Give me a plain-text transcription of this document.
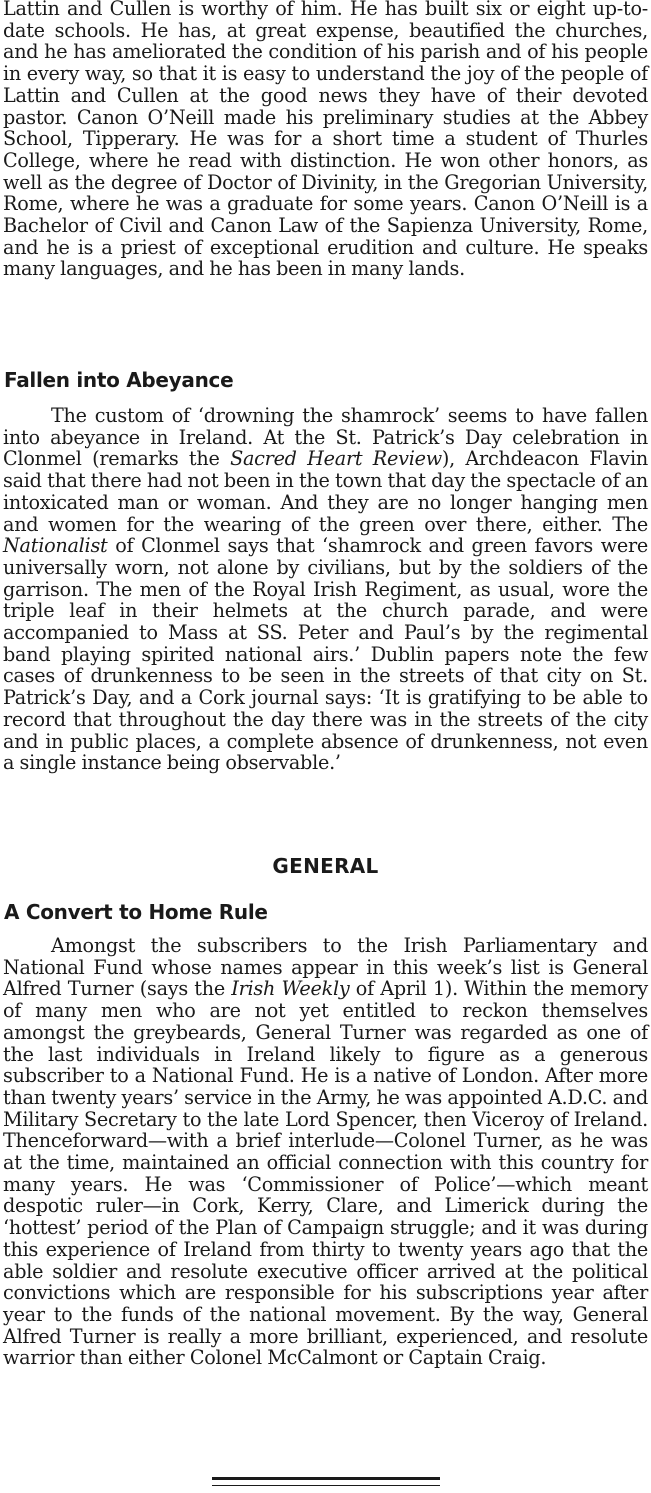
Lattin and Cullen is worthy of him. He has built six or eight up-to-date schools. He has, at great expense, beautified the churches, and he has ameliorated the condition of his parish and of his people in every way, so that it is easy to understand the joy of the people of Lattin and Cullen at the good news they have of their devoted pastor. Canon O’Neill made his preliminary studies at the Abbey School, Tipperary. He was for a short time a student of Thurles College, where he read with distinction. He won other honors, as well as the degree of Doctor of Divinity, in the Gregorian University, Rome, where he was a graduate for some years. Canon O’Neill is a Bachelor of Civil and Canon Law of the Sapienza University, Rome, and he is a priest of exceptional erudition and culture. He speaks many languages, and he has been in many lands.

Fallen into Abeyance

The custom of ‘drowning the shamrock’ seems to have fallen into abeyance in Ireland. At the St. Patrick’s Day celebration in Clonmel (remarks the Sacred Heart Review), Archdeacon Flavin said that there had not been in the town that day the spectacle of an intoxicated man or woman. And they are no longer hanging men and women for the wearing of the green over there, either. The Nationalist of Clonmel says that ‘shamrock and green favors were universally worn, not alone by civilians, but by the soldiers of the garrison. The men of the Royal Irish Regiment, as usual, wore the triple leaf in their helmets at the church parade, and were accompanied to Mass at SS. Peter and Paul’s by the regimental band playing spirited national airs.’ Dublin papers note the few cases of drunkenness to be seen in the streets of that city on St. Patrick’s Day, and a Cork journal says: ‘It is gratifying to be able to record that throughout the day there was in the streets of the city and in public places, a complete absence of drunkenness, not even a single instance being observable.’

GENERAL
A Convert to Home Rule

Amongst the subscribers to the Irish Parliamentary and National Fund whose names appear in this week’s list is General Alfred Turner (says the Irish Weekly of April 1). Within the memory of many men who are not yet entitled to reckon themselves amongst the greybeards, General Turner was regarded as one of the last individuals in Ireland likely to figure as a generous subscriber to a National Fund. He is a native of London. After more than twenty years’ service in the Army, he was appointed A.D.C. and Military Secretary to the late Lord Spencer, then Viceroy of Ireland. Thenceforward—with a brief interlude—Colonel Turner, as he was at the time, maintained an official connection with this country for many years. He was ‘Commissioner of Police’—which meant despotic ruler—in Cork, Kerry, Clare, and Limerick during the ‘hottest’ period of the Plan of Campaign struggle; and it was during this experience of Ireland from thirty to twenty years ago that the able soldier and resolute executive officer arrived at the political convictions which are responsible for his subscriptions year after year to the funds of the national movement. By the way, General Alfred Turner is really a more brilliant, experienced, and resolute warrior than either Colonel McCalmont or Captain Craig.
